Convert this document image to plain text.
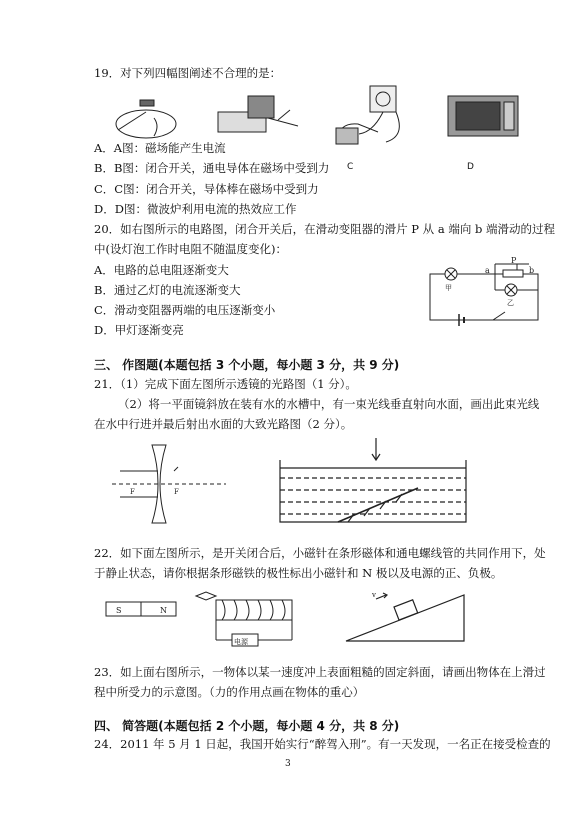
19．对下列四幅图阐述不合理的是：
C	D
A．A图：磁场能产生电流
B．B图：闭合开关，通电导体在磁场中受到力
C．C图：闭合开关，导体棒在磁场中受到力
D．D图：微波炉利用电流的热效应工作
20．如右图所示的电路图，闭合开关后，在滑动变阻器的滑片 P 从 a 端向 b 端滑动的过程
中(设灯泡工作时电阻不随温度变化)：
A．电路的总电阻逐渐变大
B．通过乙灯的电流逐渐变大
C．滑动变阻器两端的电压逐渐变小
D．甲灯逐渐变亮
a
P
b
甲
乙
三、 作图题(本题包括 3 个小题，每小题 3 分，共 9 分)
21．（1）完成下面左图所示透镜的光路图（1 分）。
（2）将一平面镜斜放在装有水的水槽中，有一束光线垂直射向水面，画出此束光线
在水中行进并最后射出水面的大致光路图（2 分）。
F	F
22．如下面左图所示，是开关闭合后，小磁针在条形磁体和通电螺线管的共同作用下，处
于静止状态，请你根据条形磁铁的极性标出小磁针和 N 极以及电源的正、负极。
S	N
电源
v
23．如上面右图所示，一物体以某一速度冲上表面粗糙的固定斜面，请画出物体在上滑过
程中所受力的示意图。（力的作用点画在物体的重心）
四、 简答题(本题包括 2 个小题，每小题 4 分，共 8 分)
24．2011 年 5 月 1 日起，我国开始实行“醉驾入刑”。有一天发现，一名正在接受检查的
3
